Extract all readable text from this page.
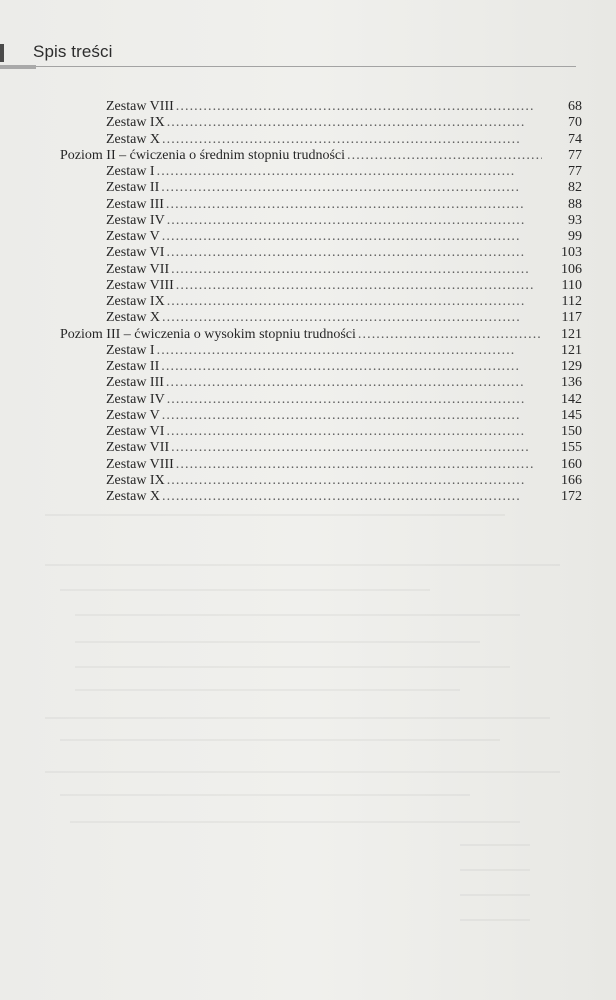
Spis treści
Zestaw VIII . . .	68
Zestaw IX . . .	70
Zestaw X . . .	74
Poziom II – ćwiczenia o średnim stopniu trudności . . .	77
Zestaw I . . .	77
Zestaw II . . .	82
Zestaw III . . .	88
Zestaw IV . . .	93
Zestaw V . . .	99
Zestaw VI . . .	103
Zestaw VII . . .	106
Zestaw VIII . . .	110
Zestaw IX . . .	112
Zestaw X . . .	117
Poziom III – ćwiczenia o wysokim stopniu trudności . . .	121
Zestaw I . . .	121
Zestaw II . . .	129
Zestaw III . . .	136
Zestaw IV . . .	142
Zestaw V . . .	145
Zestaw VI . . .	150
Zestaw VII . . .	155
Zestaw VIII . . .	160
Zestaw IX . . .	166
Zestaw X . . .	172
